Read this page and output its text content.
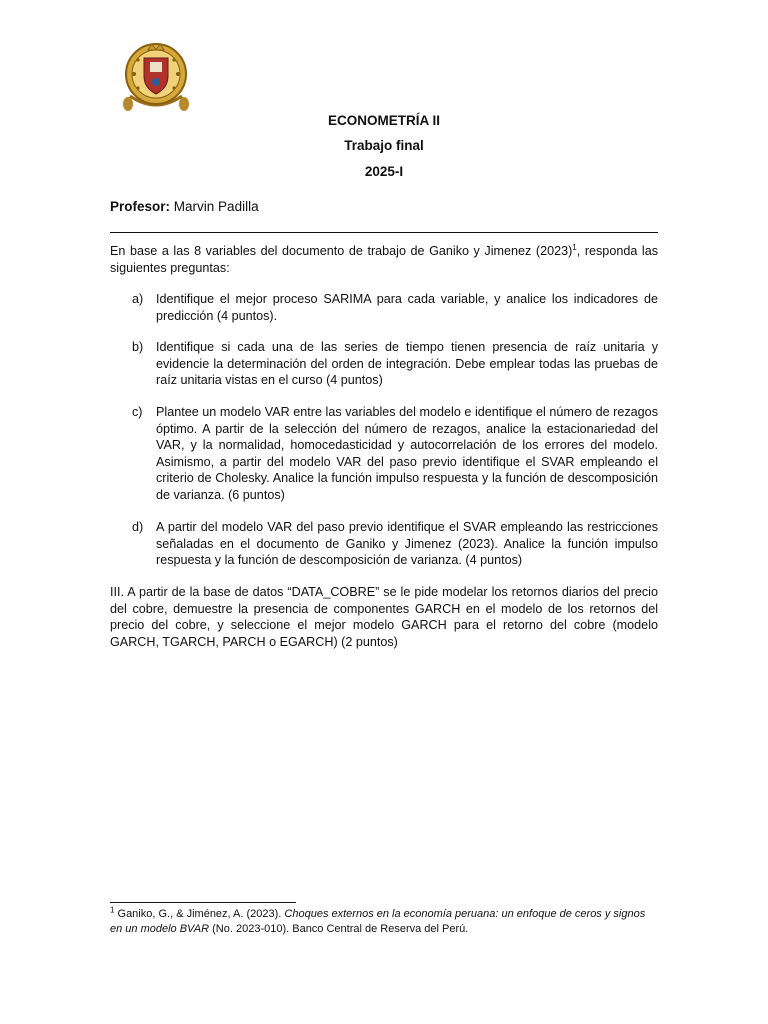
ECONOMETRÍA II
Trabajo final
2025-I
Profesor: Marvin Padilla
En base a las 8 variables del documento de trabajo de Ganiko y Jimenez $(2023)^1$, responda las siguientes preguntas:
a) Identifique el mejor proceso SARIMA para cada variable, y analice los indicadores de predicción (4 puntos).
b) Identifique si cada una de las series de tiempo tienen presencia de raíz unitaria y evidencie la determinación del orden de integración. Debe emplear todas las pruebas de raíz unitaria vistas en el curso (4 puntos)
c) Plantee un modelo VAR entre las variables del modelo e identifique el número de rezagos óptimo. A partir de la selección del número de rezagos, analice la estacionariedad del VAR, y la normalidad, homocedasticidad y autocorrelación de los errores del modelo. Asimismo, a partir del modelo VAR del paso previo identifique el SVAR empleando el criterio de Cholesky. Analice la función impulso respuesta y la función de descomposición de varianza. (6 puntos)
d) A partir del modelo VAR del paso previo identifique el SVAR empleando las restricciones señaladas en el documento de Ganiko y Jimenez (2023). Analice la función impulso respuesta y la función de descomposición de varianza. (4 puntos)
III. A partir de la base de datos “DATA_COBRE” se le pide modelar los retornos diarios del precio del cobre, demuestre la presencia de componentes GARCH en el modelo de los retornos del precio del cobre, y seleccione el mejor modelo GARCH para el retorno del cobre (modelo GARCH, TGARCH, PARCH o EGARCH) (2 puntos)
$^1$ Ganiko, G., & Jiménez, A. (2023). Choques externos en la economía peruana: un enfoque de ceros y signos en un modelo BVAR (No. 2023-010). Banco Central de Reserva del Perú.
